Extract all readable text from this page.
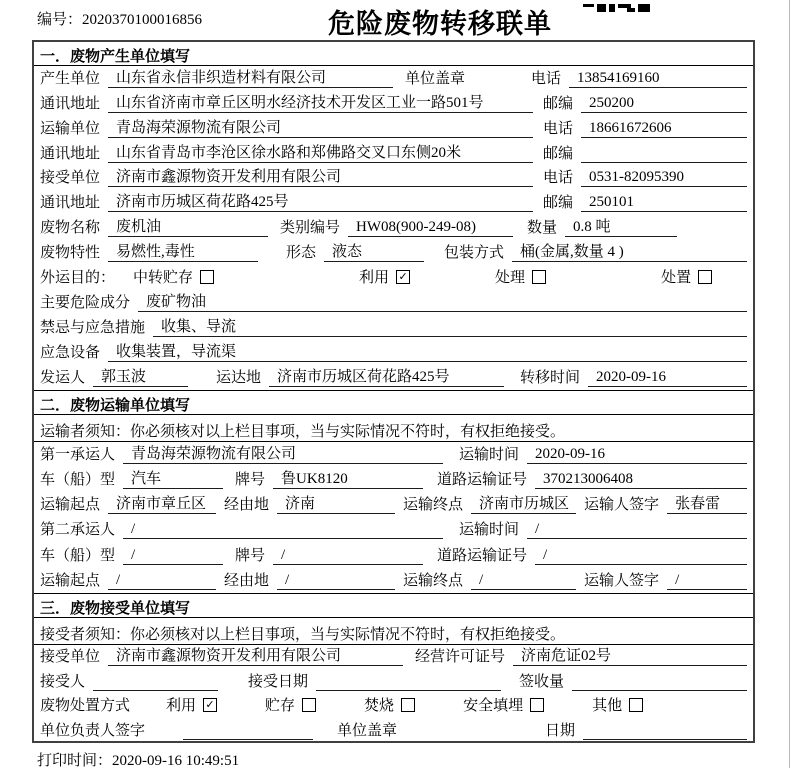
编号：2020370100016856	危险废物转移联单
一．废物产生单位填写
产生单位	山东省永信非织造材料有限公司	单位盖章	电话	13854169160
通讯地址	山东省济南市章丘区明水经济技术开发区工业一路501号	邮编	250200
运输单位	青岛海荣源物流有限公司	电话	18661672606
通讯地址	山东省青岛市李沧区徐水路和郑佛路交叉口东侧20米	邮编
接受单位	济南市鑫源物资开发利用有限公司	电话	0531-82095390
通讯地址	济南市历城区荷花路425号	邮编	250101
废物名称	废机油	类别编号	HW08(900-249-08)	数量	0.8 吨
废物特性	易燃性,毒性	形态	液态	包装方式	桶(金属,数量 4 )
外运目的： 中转贮存	利用 ✓	处理	处置
主要危险成分	废矿物油
禁忌与应急措施	收集、导流
应急设备	收集装置，导流渠
发运人	郭玉波	运达地	济南市历城区荷花路425号	转移时间	2020-09-16
二．废物运输单位填写
运输者须知：你必须核对以上栏目事项，当与实际情况不符时，有权拒绝接受。
第一承运人	青岛海荣源物流有限公司	运输时间	2020-09-16
车（船）型	汽车	牌号	鲁UK8120	道路运输证号	370213006408
运输起点	济南市章丘区	经由地	济南	运输终点	济南市历城区 运输人签字	张春雷
第二承运人	/	运输时间	/
车（船）型	/	牌号	/	道路运输证号	/
运输起点	/	经由地	/	运输终点	/	运输人签字	/
三．废物接受单位填写
接受者须知：你必须核对以上栏目事项，当与实际情况不符时，有权拒绝接受。
接受单位	济南市鑫源物资开发利用有限公司	经营许可证号	济南危证02号
接受人	接受日期	签收量
废物处置方式 利用 ✓	贮存	焚烧	安全填埋	其他
单位负责人签字	单位盖章	日期
打印时间：2020-09-16 10:49:51
